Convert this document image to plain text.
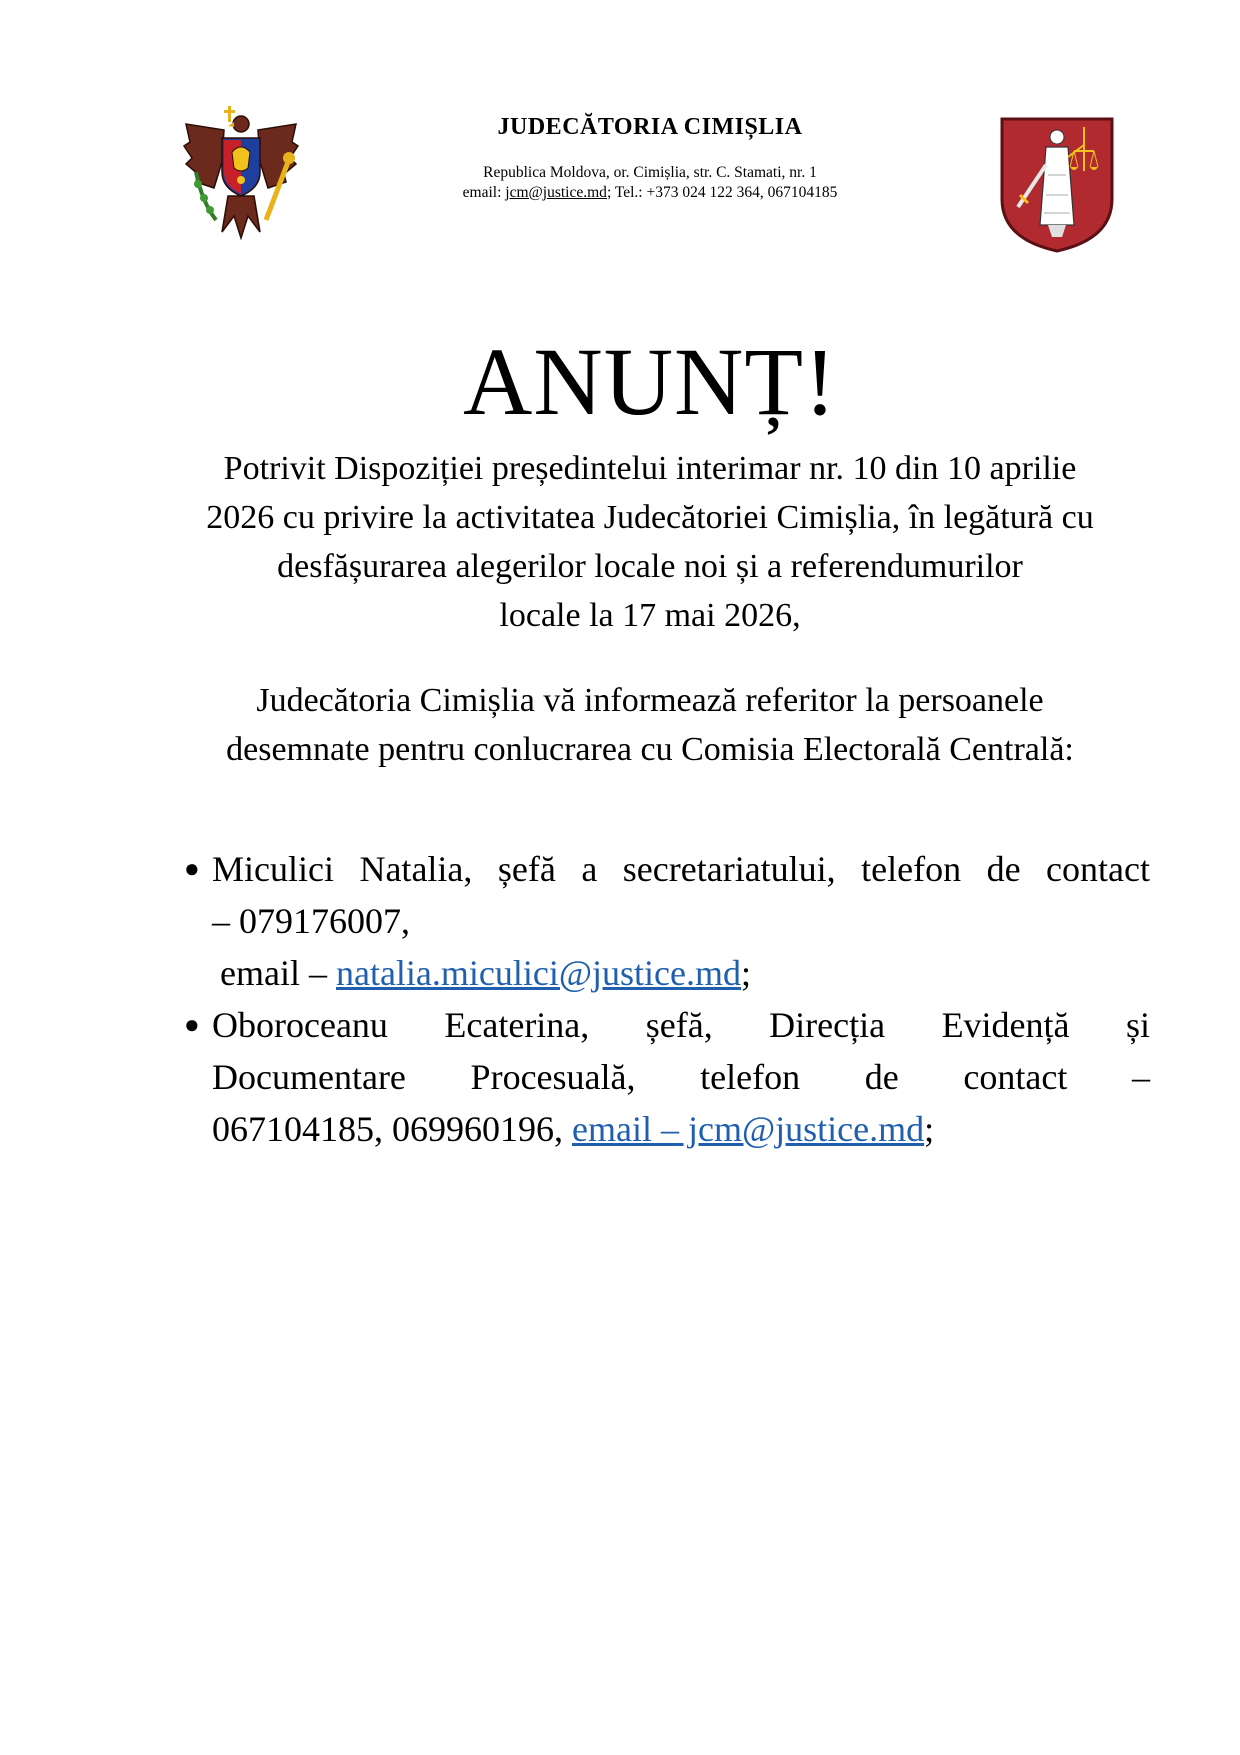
JUDECĂTORIA CIMIȘLIA
Republica Moldova, or. Cimișlia, str. C. Stamati, nr. 1
email: jcm@justice.md; Tel.: +373 024 122 364, 067104185
ANUNȚ!

Potrivit Dispoziției președintelui interimar nr. 10 din 10 aprilie
2026 cu privire la activitatea Judecătoriei Cimișlia, în legătură cu
desfășurarea alegerilor locale noi și a referendumurilor
locale la 17 mai 2026,

Judecătoria Cimișlia vă informează referitor la persoanele
desemnate pentru conlucrarea cu Comisia Electorală Centrală:

● Miculici Natalia, șefă a secretariatului, telefon de contact
– 079176007,
email – natalia.miculici@justice.md;
● Oboroceanu Ecaterina, șefă, Direcția Evidență și
Documentare Procesuală, telefon de contact –
067104185, 069960196, email – jcm@justice.md;
